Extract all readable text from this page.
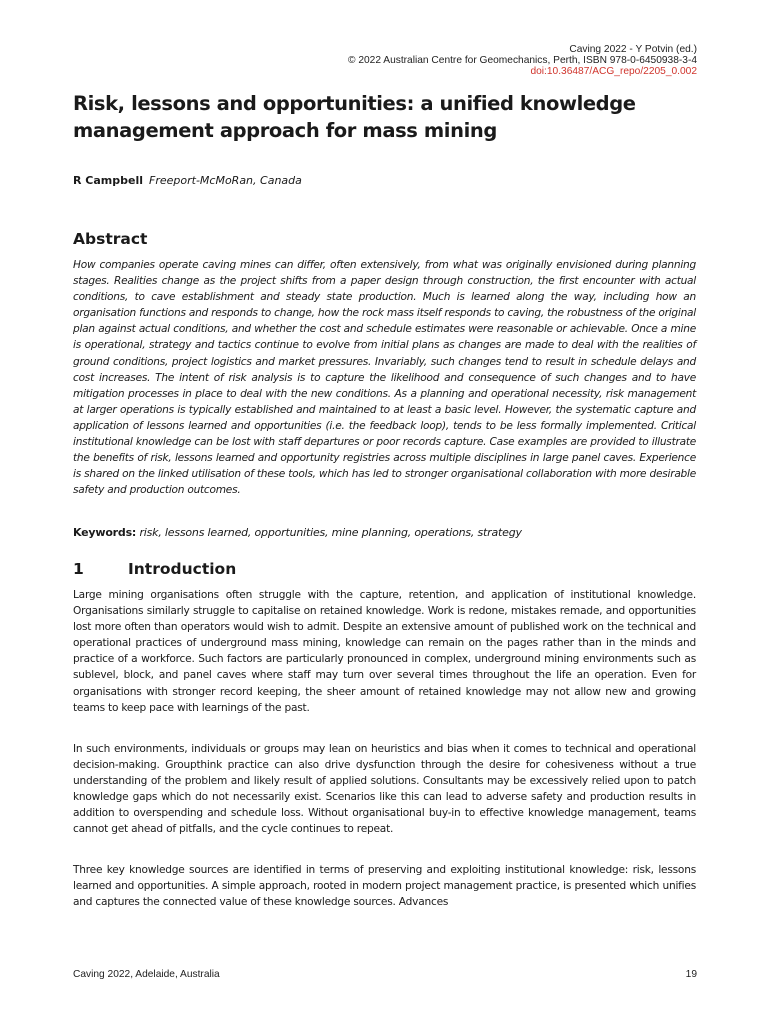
Caving 2022 - Y Potvin (ed.)
© 2022 Australian Centre for Geomechanics, Perth, ISBN 978-0-6450938-3-4
doi:10.36487/ACG_repo/2205_0.002
Risk, lessons and opportunities: a unified knowledge management approach for mass mining
R Campbell Freeport-McMoRan, Canada
Abstract
How companies operate caving mines can differ, often extensively, from what was originally envisioned during planning stages. Realities change as the project shifts from a paper design through construction, the first encounter with actual conditions, to cave establishment and steady state production. Much is learned along the way, including how an organisation functions and responds to change, how the rock mass itself responds to caving, the robustness of the original plan against actual conditions, and whether the cost and schedule estimates were reasonable or achievable. Once a mine is operational, strategy and tactics continue to evolve from initial plans as changes are made to deal with the realities of ground conditions, project logistics and market pressures. Invariably, such changes tend to result in schedule delays and cost increases. The intent of risk analysis is to capture the likelihood and consequence of such changes and to have mitigation processes in place to deal with the new conditions. As a planning and operational necessity, risk management at larger operations is typically established and maintained to at least a basic level. However, the systematic capture and application of lessons learned and opportunities (i.e. the feedback loop), tends to be less formally implemented. Critical institutional knowledge can be lost with staff departures or poor records capture. Case examples are provided to illustrate the benefits of risk, lessons learned and opportunity registries across multiple disciplines in large panel caves. Experience is shared on the linked utilisation of these tools, which has led to stronger organisational collaboration with more desirable safety and production outcomes.
Keywords: risk, lessons learned, opportunities, mine planning, operations, strategy
1	Introduction

Large mining organisations often struggle with the capture, retention, and application of institutional knowledge. Organisations similarly struggle to capitalise on retained knowledge. Work is redone, mistakes remade, and opportunities lost more often than operators would wish to admit. Despite an extensive amount of published work on the technical and operational practices of underground mass mining, knowledge can remain on the pages rather than in the minds and practice of a workforce. Such factors are particularly pronounced in complex, underground mining environments such as sublevel, block, and panel caves where staff may turn over several times throughout the life an operation. Even for organisations with stronger record keeping, the sheer amount of retained knowledge may not allow new and growing teams to keep pace with learnings of the past.

In such environments, individuals or groups may lean on heuristics and bias when it comes to technical and operational decision-making. Groupthink practice can also drive dysfunction through the desire for cohesiveness without a true understanding of the problem and likely result of applied solutions. Consultants may be excessively relied upon to patch knowledge gaps which do not necessarily exist. Scenarios like this can lead to adverse safety and production results in addition to overspending and schedule loss. Without organisational buy-in to effective knowledge management, teams cannot get ahead of pitfalls, and the cycle continues to repeat.

Three key knowledge sources are identified in terms of preserving and exploiting institutional knowledge: risk, lessons learned and opportunities. A simple approach, rooted in modern project management practice, is presented which unifies and captures the connected value of these knowledge sources. Advances

Caving 2022, Adelaide, Australia	19
